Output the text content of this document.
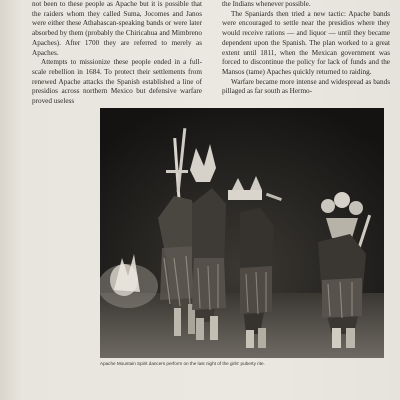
not been to these people as Apache but it is possible that the raiders whom they called Suma, Jocomes and Janos were either these Athabascan-speaking bands or were later absorbed by them (probably the Chiricahua and Mimbreno Apaches). After 1700 they are referred to merely as Apaches.

Attempts to missionize these people ended in a full-scale rebellion in 1684. To protect their settlements from renewed Apache attacks the Spanish established a line of presidios across northern Mexico but defensive warfare proved useless

the Indians whenever possible.

The Spaniards then tried a new tactic: Apache bands were encouraged to settle near the presidios where they would receive rations — and liquor — until they became dependent upon the Spanish. The plan worked to a great extent until 1811, when the Mexican government was forced to discontinue the policy for lack of funds and the Mansos (tame) Apaches quickly returned to raiding.

Warfare became more intense and widespread as bands pillaged as far south as Hermo-

Apache Mountain Spirit dancers perform on the last night of the girls' puberty rite.
